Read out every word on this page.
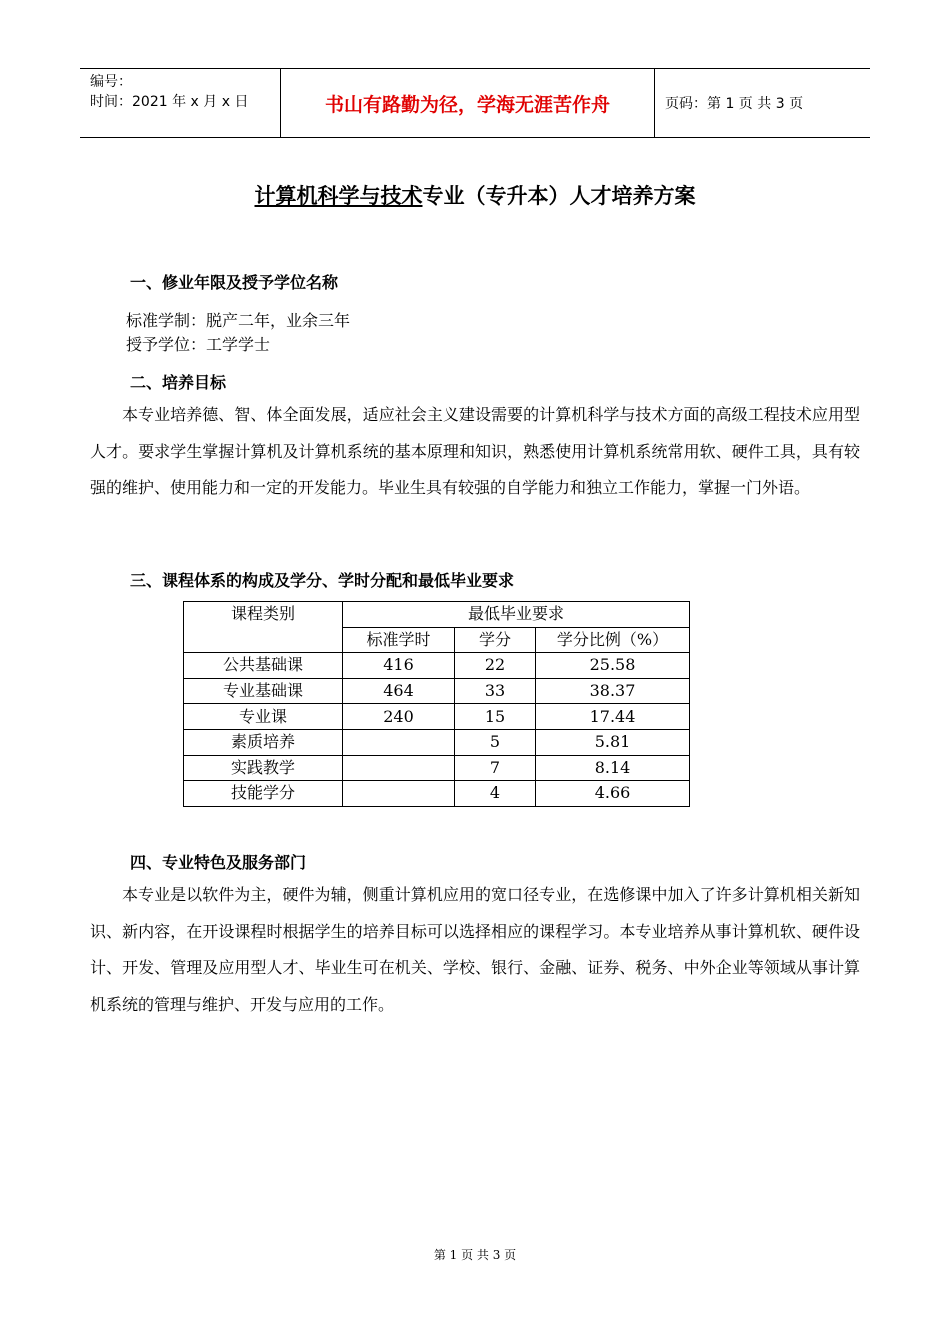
编号：
时间：2021 年 x 月 x 日	书山有路勤为径，学海无涯苦作舟	页码：第 1 页 共 3 页
计算机科学与技术专业（专升本）人才培养方案
一、修业年限及授予学位名称
标准学制：脱产二年，业余三年
授予学位：工学学士
二、培养目标

本专业培养德、智、体全面发展，适应社会主义建设需要的计算机科学与技术方面的高级工程技术应用型人才。要求学生掌握计算机及计算机系统的基本原理和知识，熟悉使用计算机系统常用软、硬件工具，具有较强的维护、使用能力和一定的开发能力。毕业生具有较强的自学能力和独立工作能力，掌握一门外语。

三、课程体系的构成及学分、学时分配和最低毕业要求
课程类别	最低毕业要求		
	标准学时	学分	学分比例（%）
公共基础课	416	22	25.58
专业基础课	464	33	38.37
专业课	240	15	17.44
素质培养		5	5.81
实践教学		7	8.14
技能学分		4	4.66
四、专业特色及服务部门

本专业是以软件为主，硬件为辅，侧重计算机应用的宽口径专业，在选修课中加入了许多计算机相关新知识、新内容，在开设课程时根据学生的培养目标可以选择相应的课程学习。本专业培养从事计算机软、硬件设计、开发、管理及应用型人才、毕业生可在机关、学校、银行、金融、证券、税务、中外企业等领域从事计算机系统的管理与维护、开发与应用的工作。

第 1 页 共 3 页
